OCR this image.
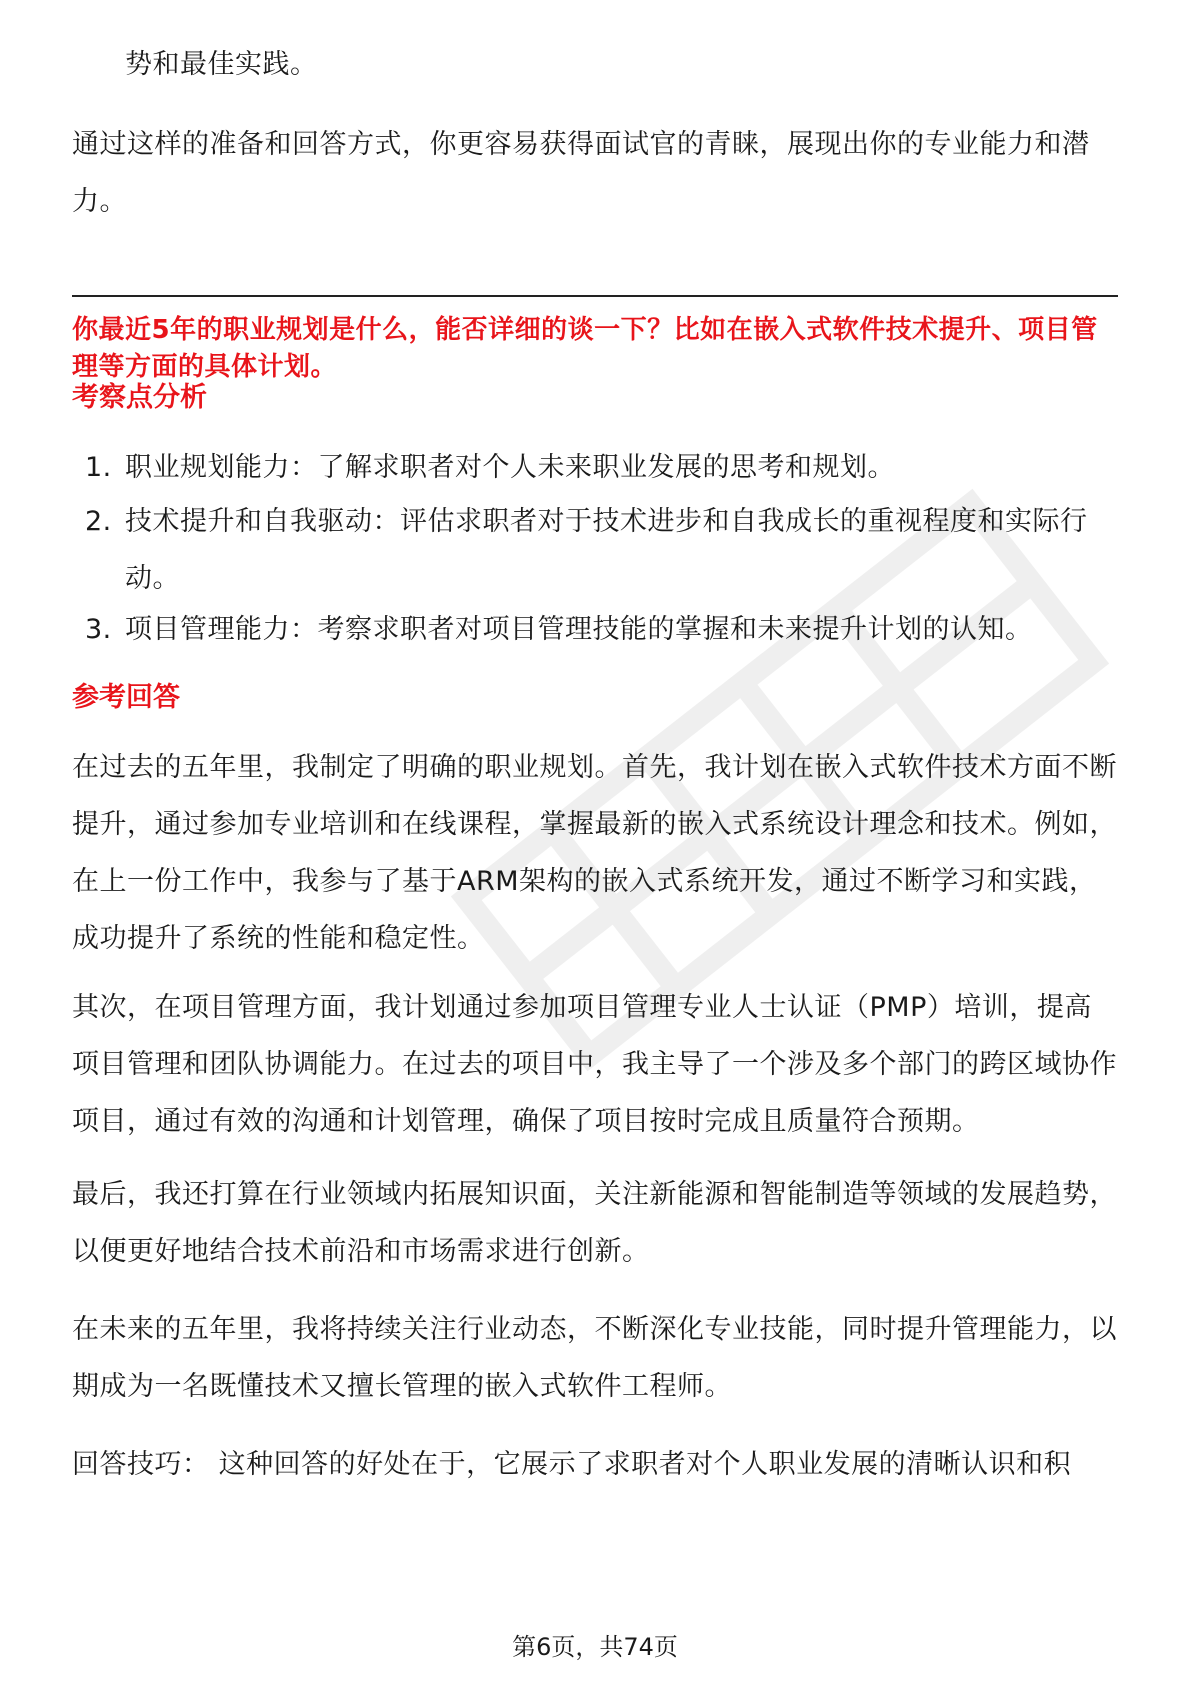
势和最佳实践。
通过这样的准备和回答方式，你更容易获得面试官的青睐，展现出你的专业能力和潜力。
你最近5年的职业规划是什么，能否详细的谈一下？比如在嵌入式软件技术提升、项目管理等方面的具体计划。
考察点分析
1. 职业规划能力：了解求职者对个人未来职业发展的思考和规划。
2. 技术提升和自我驱动：评估求职者对于技术进步和自我成长的重视程度和实际行动。
3. 项目管理能力：考察求职者对项目管理技能的掌握和未来提升计划的认知。
参考回答
在过去的五年里，我制定了明确的职业规划。首先，我计划在嵌入式软件技术方面不断提升，通过参加专业培训和在线课程，掌握最新的嵌入式系统设计理念和技术。例如，在上一份工作中，我参与了基于ARM架构的嵌入式系统开发，通过不断学习和实践，成功提升了系统的性能和稳定性。
其次，在项目管理方面，我计划通过参加项目管理专业人士认证（PMP）培训，提高项目管理和团队协调能力。在过去的项目中，我主导了一个涉及多个部门的跨区域协作项目，通过有效的沟通和计划管理，确保了项目按时完成且质量符合预期。
最后，我还打算在行业领域内拓展知识面，关注新能源和智能制造等领域的发展趋势，以便更好地结合技术前沿和市场需求进行创新。
在未来的五年里，我将持续关注行业动态，不断深化专业技能，同时提升管理能力，以期成为一名既懂技术又擅长管理的嵌入式软件工程师。
回答技巧： 这种回答的好处在于，它展示了求职者对个人职业发展的清晰认识和积
第6页，共74页
